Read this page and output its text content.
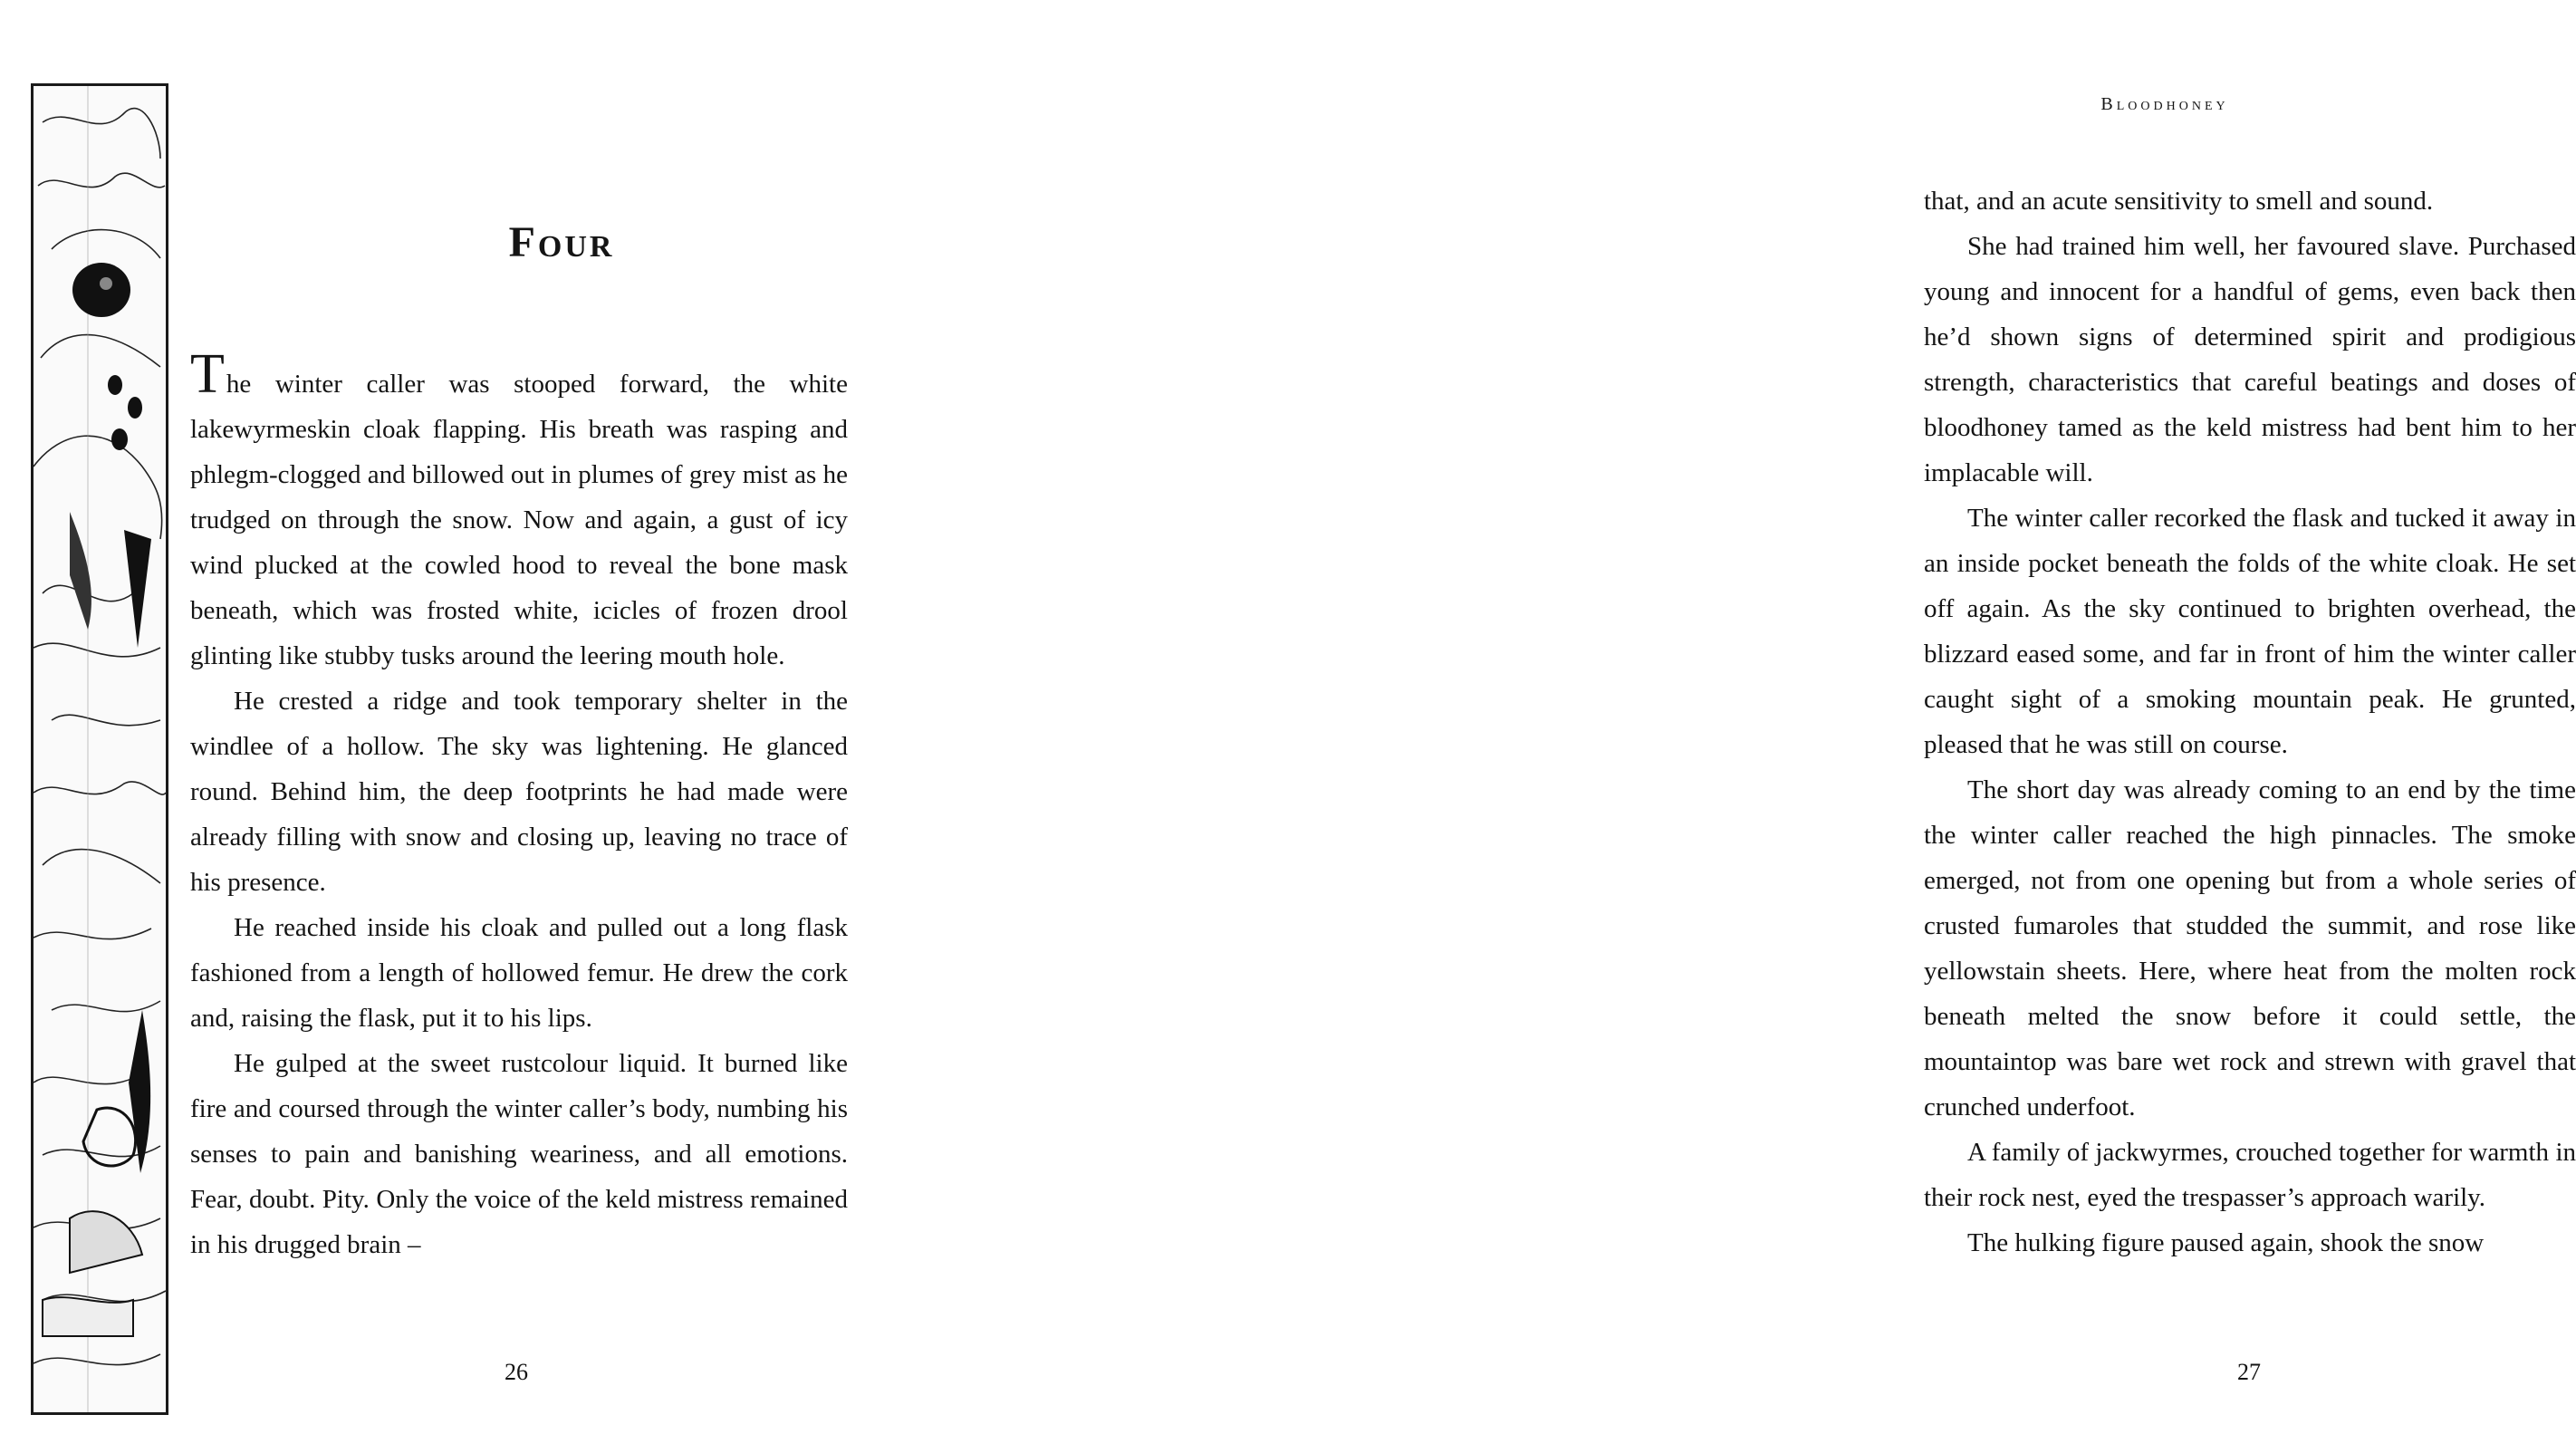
Four

The winter caller was stooped forward, the white lakewyrmeskin cloak flapping. His breath was rasping and phlegm-clogged and billowed out in plumes of grey mist as he trudged on through the snow. Now and again, a gust of icy wind plucked at the cowled hood to reveal the bone mask beneath, which was frosted white, icicles of frozen drool glinting like stubby tusks around the leering mouth hole.

He crested a ridge and took temporary shelter in the windlee of a hollow. The sky was lightening. He glanced round. Behind him, the deep footprints he had made were already filling with snow and closing up, leaving no trace of his presence.

He reached inside his cloak and pulled out a long flask fashioned from a length of hollowed femur. He drew the cork and, raising the flask, put it to his lips.

He gulped at the sweet rustcolour liquid. It burned like fire and coursed through the winter caller’s body, numbing his senses to pain and banishing weariness, and all emotions. Fear, doubt. Pity. Only the voice of the keld mistress remained in his drugged brain –

26
Bloodhoney

that, and an acute sensitivity to smell and sound.

She had trained him well, her favoured slave. Purchased young and innocent for a handful of gems, even back then he’d shown signs of determined spirit and prodigious strength, characteristics that careful beatings and doses of bloodhoney tamed as the keld mistress had bent him to her implacable will.

The winter caller recorked the flask and tucked it away in an inside pocket beneath the folds of the white cloak. He set off again. As the sky continued to brighten overhead, the blizzard eased some, and far in front of him the winter caller caught sight of a smoking mountain peak. He grunted, pleased that he was still on course.

The short day was already coming to an end by the time the winter caller reached the high pinnacles. The smoke emerged, not from one opening but from a whole series of crusted fumaroles that studded the summit, and rose like yellowstain sheets. Here, where heat from the molten rock beneath melted the snow before it could settle, the mountaintop was bare wet rock and strewn with gravel that crunched underfoot.

A family of jackwyrmes, crouched together for warmth in their rock nest, eyed the trespasser’s approach warily.

The hulking figure paused again, shook the snow

27
